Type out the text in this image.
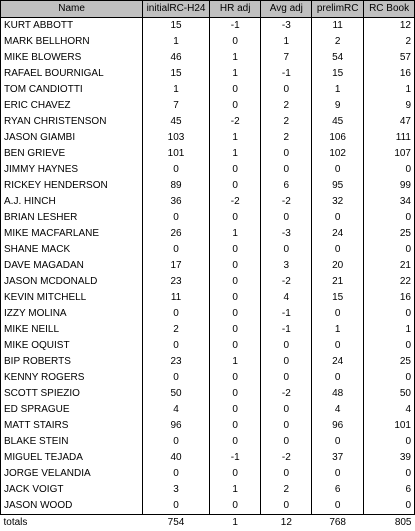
Name	initialRC-H24	HR adj	Avg adj	prelimRC	RC Book
KURT ABBOTT	15	-1	-3	11	12
MARK BELLHORN	1	0	1	2	2
MIKE BLOWERS	46	1	7	54	57
RAFAEL BOURNIGAL	15	1	-1	15	16
TOM CANDIOTTI	1	0	0	1	1
ERIC CHAVEZ	7	0	2	9	9
RYAN CHRISTENSON	45	-2	2	45	47
JASON GIAMBI	103	1	2	106	111
BEN GRIEVE	101	1	0	102	107
JIMMY HAYNES	0	0	0	0	0
RICKEY HENDERSON	89	0	6	95	99
A.J. HINCH	36	-2	-2	32	34
BRIAN LESHER	0	0	0	0	0
MIKE MACFARLANE	26	1	-3	24	25
SHANE MACK	0	0	0	0	0
DAVE MAGADAN	17	0	3	20	21
JASON MCDONALD	23	0	-2	21	22
KEVIN MITCHELL	11	0	4	15	16
IZZY MOLINA	0	0	-1	0	0
MIKE NEILL	2	0	-1	1	1
MIKE OQUIST	0	0	0	0	0
BIP ROBERTS	23	1	0	24	25
KENNY ROGERS	0	0	0	0	0
SCOTT SPIEZIO	50	0	-2	48	50
ED SPRAGUE	4	0	0	4	4
MATT STAIRS	96	0	0	96	101
BLAKE STEIN	0	0	0	0	0
MIGUEL TEJADA	40	-1	-2	37	39
JORGE VELANDIA	0	0	0	0	0
JACK VOIGT	3	1	2	6	6
JASON WOOD	0	0	0	0	0
totals	754	1	12	768	805
